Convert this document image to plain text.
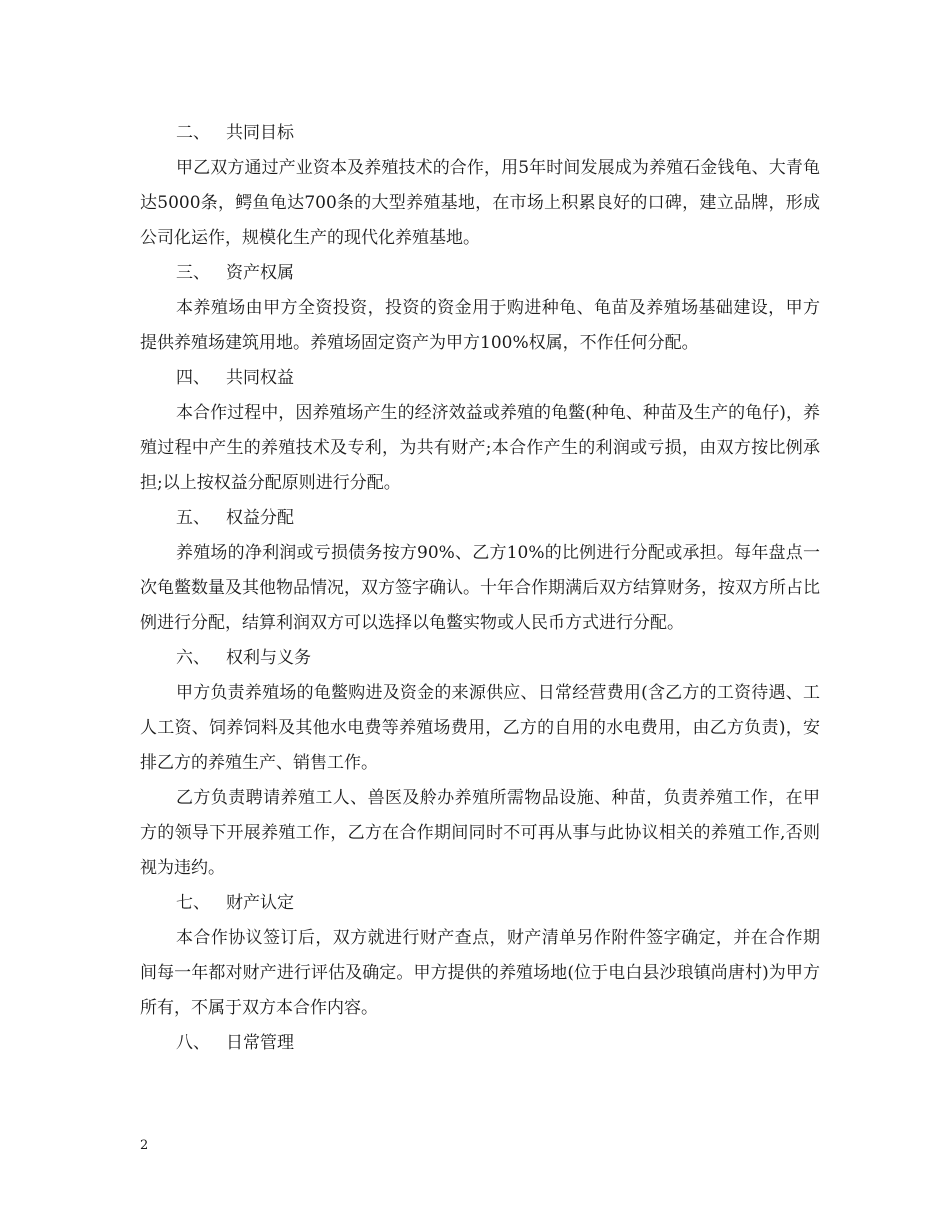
二、 共同目标

甲乙双方通过产业资本及养殖技术的合作，用5年时间发展成为养殖石金钱龟、大青龟达5000条，鳄鱼龟达700条的大型养殖基地，在市场上积累良好的口碑，建立品牌，形成公司化运作，规模化生产的现代化养殖基地。

三、 资产权属

本养殖场由甲方全资投资，投资的资金用于购进种龟、龟苗及养殖场基础建设，甲方提供养殖场建筑用地。养殖场固定资产为甲方100%权属，不作任何分配。

四、 共同权益

本合作过程中，因养殖场产生的经济效益或养殖的龟鳖(种龟、种苗及生产的龟仔)，养殖过程中产生的养殖技术及专利，为共有财产;本合作产生的利润或亏损，由双方按比例承担;以上按权益分配原则进行分配。

五、 权益分配

养殖场的净利润或亏损债务按方90%、乙方10%的比例进行分配或承担。每年盘点一次龟鳖数量及其他物品情况，双方签字确认。十年合作期满后双方结算财务，按双方所占比例进行分配，结算利润双方可以选择以龟鳖实物或人民币方式进行分配。

六、 权利与义务

甲方负责养殖场的龟鳖购进及资金的来源供应、日常经营费用(含乙方的工资待遇、工人工资、饲养饲料及其他水电费等养殖场费用，乙方的自用的水电费用，由乙方负责)，安排乙方的养殖生产、销售工作。

乙方负责聘请养殖工人、兽医及舲办养殖所需物品设施、种苗，负责养殖工作，在甲方的领导下开展养殖工作，乙方在合作期间同时不可再从事与此协议相关的养殖工作,否则视为违约。

七、 财产认定

本合作协议签订后，双方就进行财产查点，财产清单另作附件签字确定，并在合作期间每一年都对财产进行评估及确定。甲方提供的养殖场地(位于电白县沙琅镇尚唐村)为甲方所有，不属于双方本合作内容。

八、 日常管理
2
